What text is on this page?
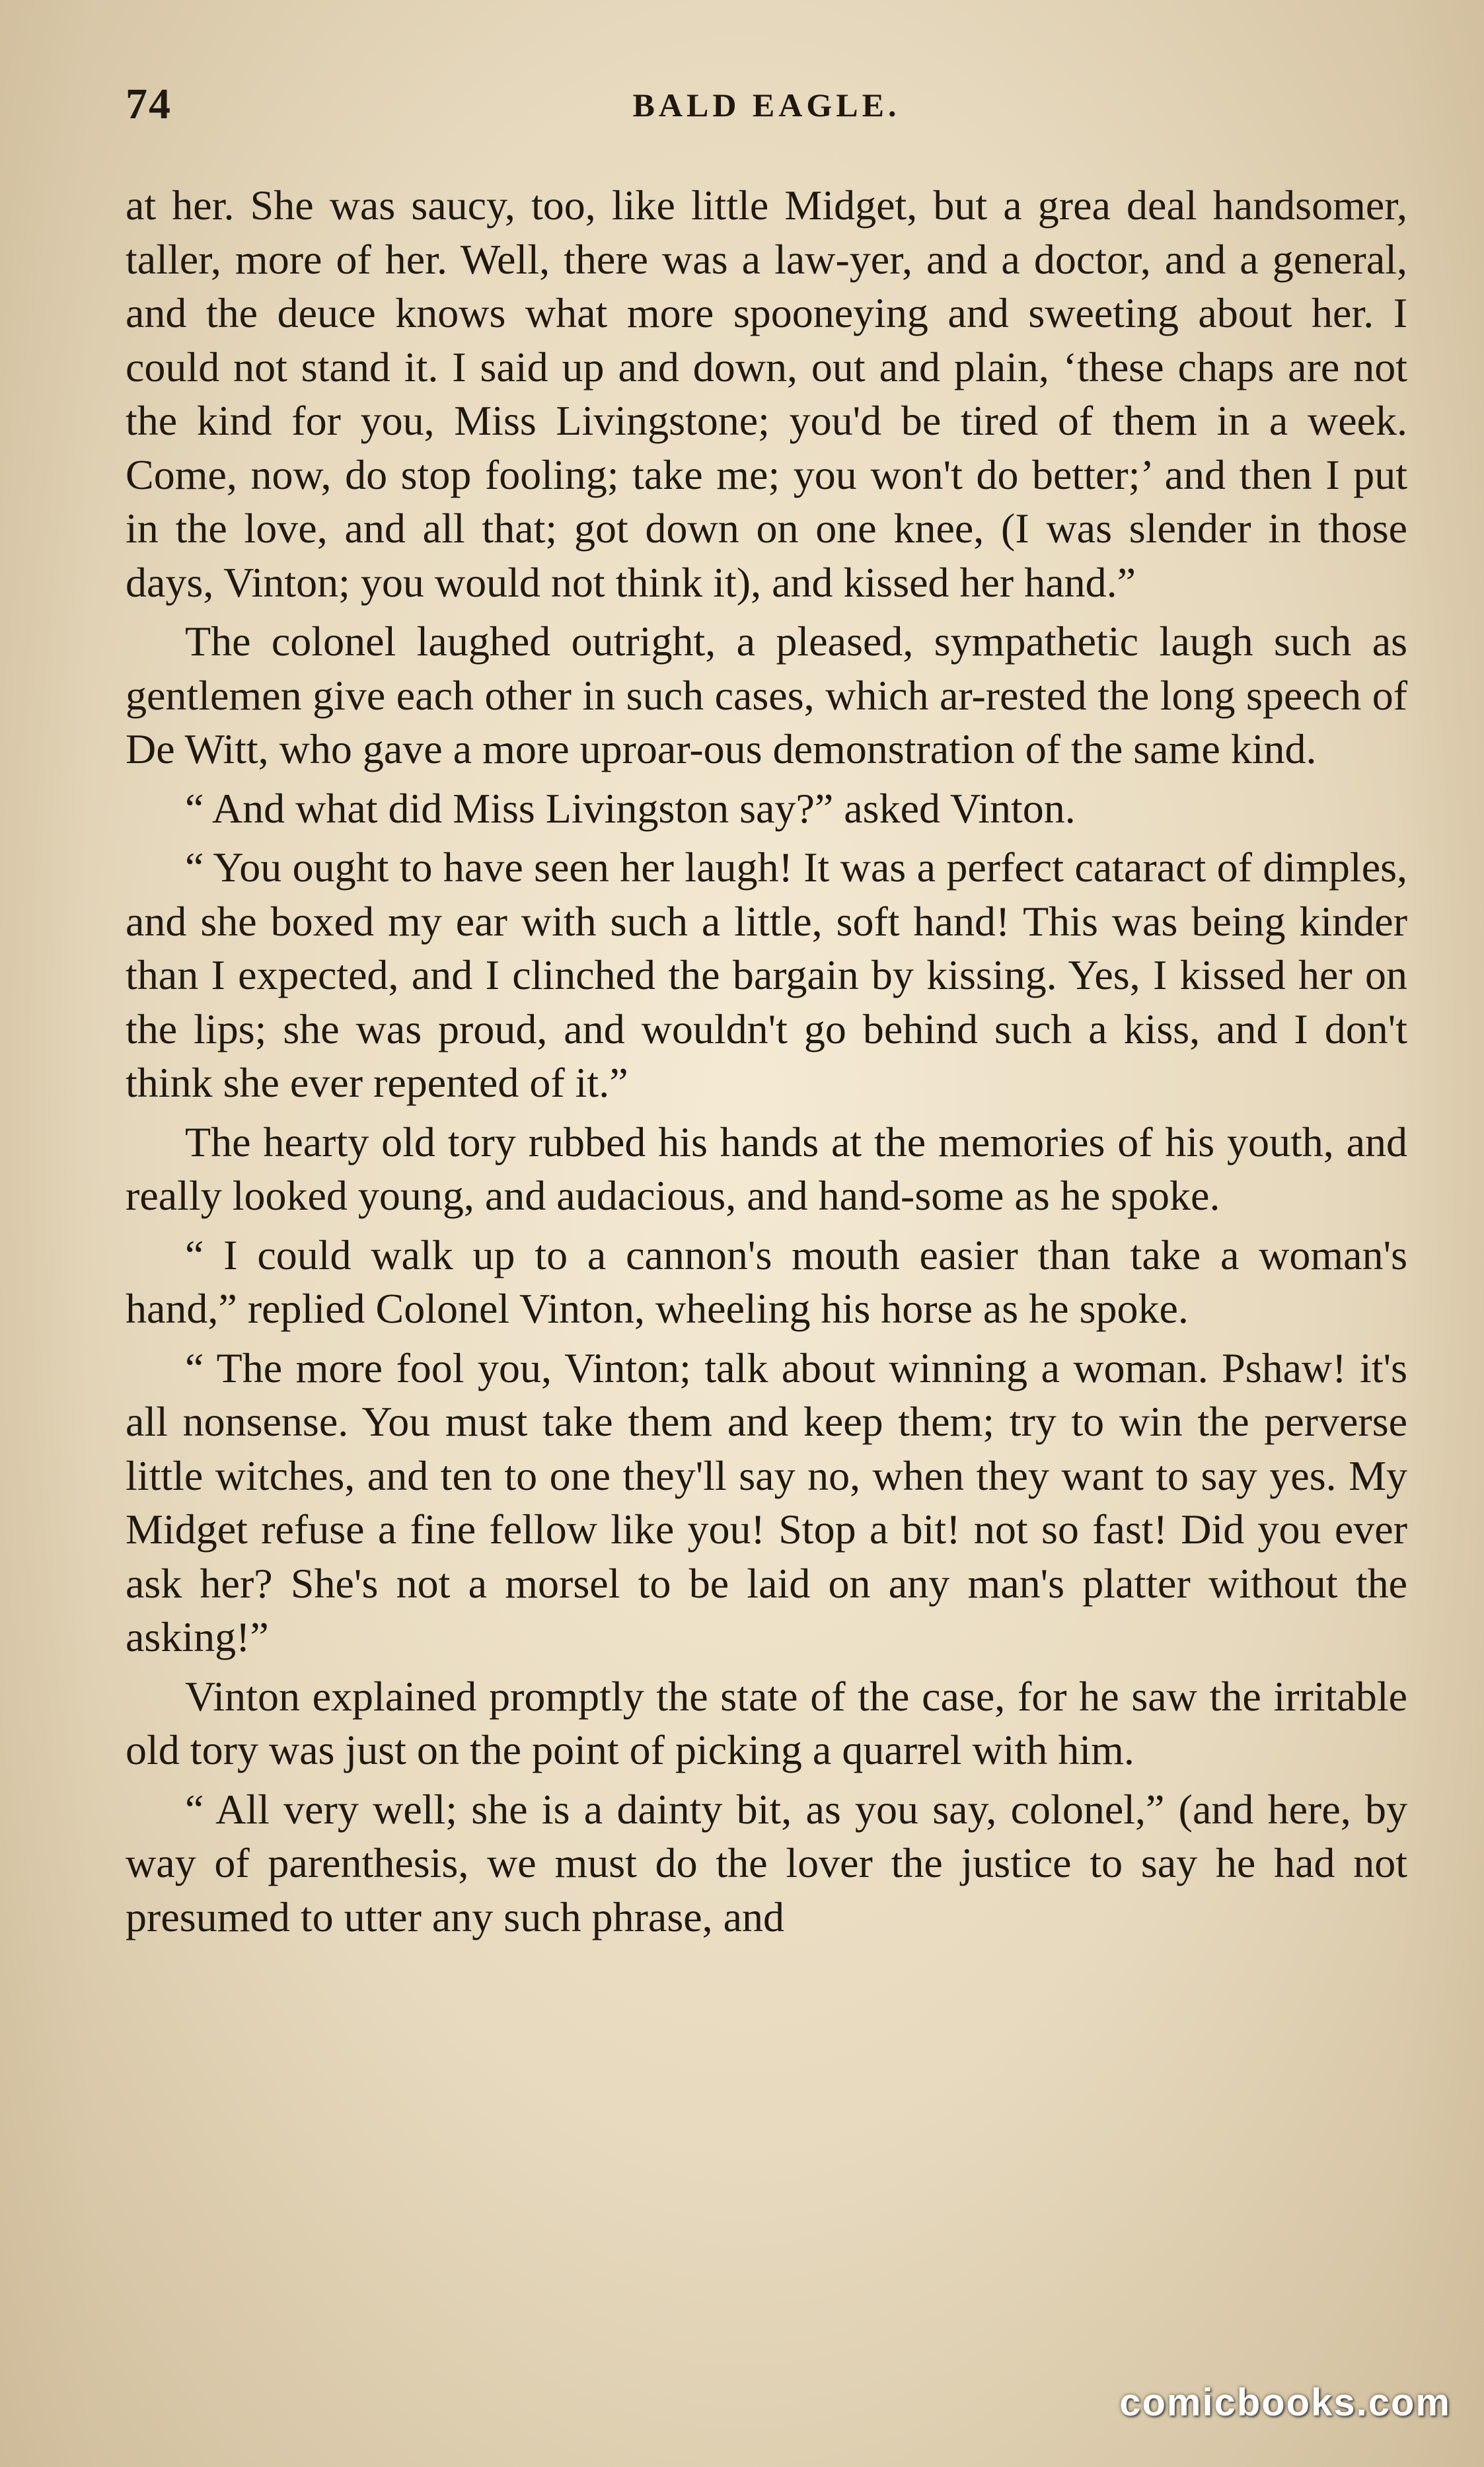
74	BALD EAGLE.

at her. She was saucy, too, like little Midget, but a grea deal handsomer, taller, more of her. Well, there was a law-yer, and a doctor, and a general, and the deuce knows what more spooneying and sweeting about her. I could not stand it. I said up and down, out and plain, ‘these chaps are not the kind for you, Miss Livingstone; you'd be tired of them in a week. Come, now, do stop fooling; take me; you won't do better;’ and then I put in the love, and all that; got down on one knee, (I was slender in those days, Vinton; you would not think it), and kissed her hand.”

The colonel laughed outright, a pleased, sympathetic laugh such as gentlemen give each other in such cases, which ar-rested the long speech of De Witt, who gave a more uproar-ous demonstration of the same kind.

“ And what did Miss Livingston say?” asked Vinton.

“ You ought to have seen her laugh! It was a perfect cataract of dimples, and she boxed my ear with such a little, soft hand! This was being kinder than I expected, and I clinched the bargain by kissing. Yes, I kissed her on the lips; she was proud, and wouldn't go behind such a kiss, and I don't think she ever repented of it.”

The hearty old tory rubbed his hands at the memories of his youth, and really looked young, and audacious, and hand-some as he spoke.

“ I could walk up to a cannon's mouth easier than take a woman's hand,” replied Colonel Vinton, wheeling his horse as he spoke.

“ The more fool you, Vinton; talk about winning a woman. Pshaw! it's all nonsense. You must take them and keep them; try to win the perverse little witches, and ten to one they'll say no, when they want to say yes. My Midget refuse a fine fellow like you! Stop a bit! not so fast! Did you ever ask her? She's not a morsel to be laid on any man's platter without the asking!”

Vinton explained promptly the state of the case, for he saw the irritable old tory was just on the point of picking a quarrel with him.

“ All very well; she is a dainty bit, as you say, colonel,” (and here, by way of parenthesis, we must do the lover the justice to say he had not presumed to utter any such phrase, and

comicbooks.com
